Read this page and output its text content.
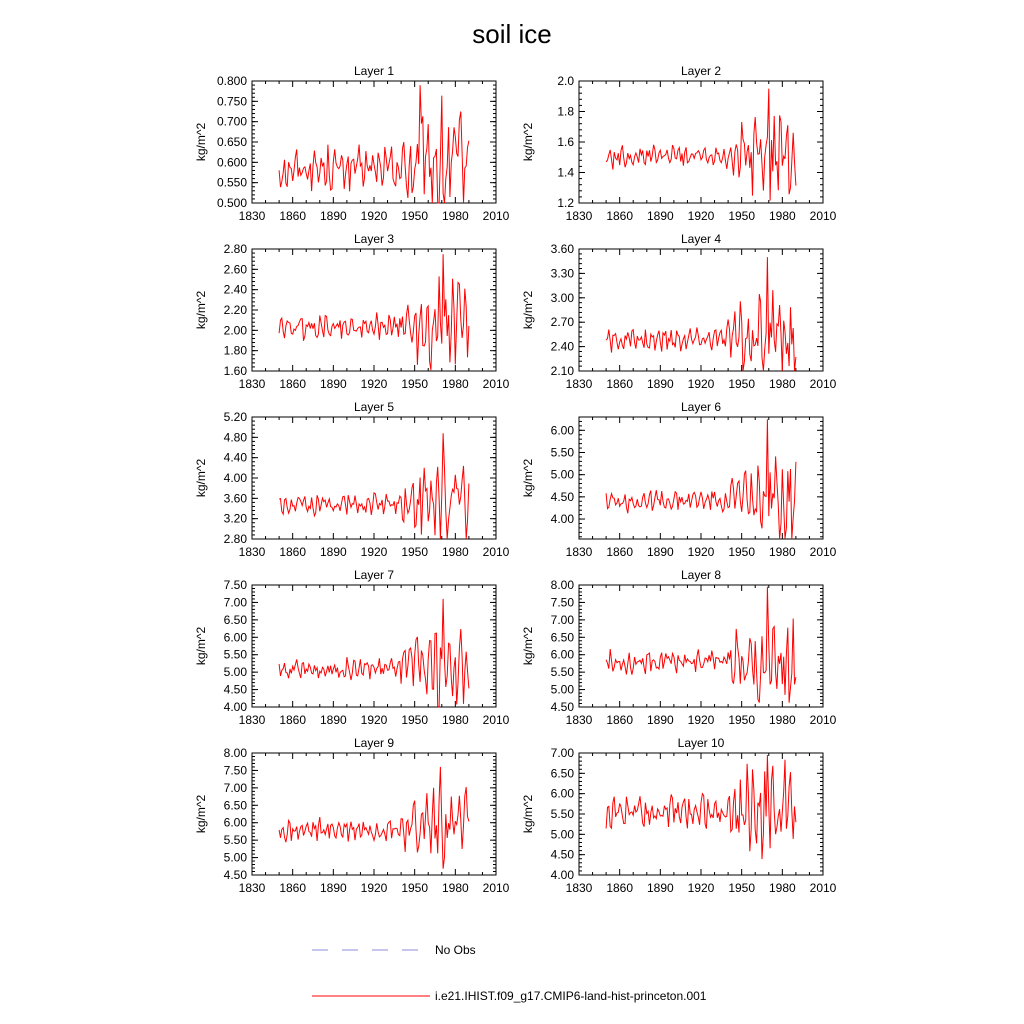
soil ice
Layer 1
1830 1860 1890 1920 1950 1980 2010
0.500
0.550
0.600
0.650
0.700
0.750
0.800
kg/m^2
Layer 2
1830 1860 1890 1920 1950 1980 2010
1.2
1.4
1.6
1.8
2.0
kg/m^2
Layer 3
1830 1860 1890 1920 1950 1980 2010
1.60
1.80
2.00
2.20
2.40
2.60
2.80
kg/m^2
Layer 4
1830 1860 1890 1920 1950 1980 2010
2.10
2.40
2.70
3.00
3.30
3.60
kg/m^2
Layer 5
1830 1860 1890 1920 1950 1980 2010
2.80
3.20
3.60
4.00
4.40
4.80
5.20
kg/m^2
Layer 6
1830 1860 1890 1920 1950 1980 2010
4.00
4.50
5.00
5.50
6.00
kg/m^2
Layer 7
1830 1860 1890 1920 1950 1980 2010
4.00
4.50
5.00
5.50
6.00
6.50
7.00
7.50
kg/m^2
Layer 8
1830 1860 1890 1920 1950 1980 2010
4.50
5.00
5.50
6.00
6.50
7.00
7.50
8.00
kg/m^2
Layer 9
1830 1860 1890 1920 1950 1980 2010
4.50
5.00
5.50
6.00
6.50
7.00
7.50
8.00
kg/m^2
Layer 10
1830 1860 1890 1920 1950 1980 2010
4.00
4.50
5.00
5.50
6.00
6.50
7.00
kg/m^2
No Obs
i.e21.IHIST.f09_g17.CMIP6-land-hist-princeton.001
